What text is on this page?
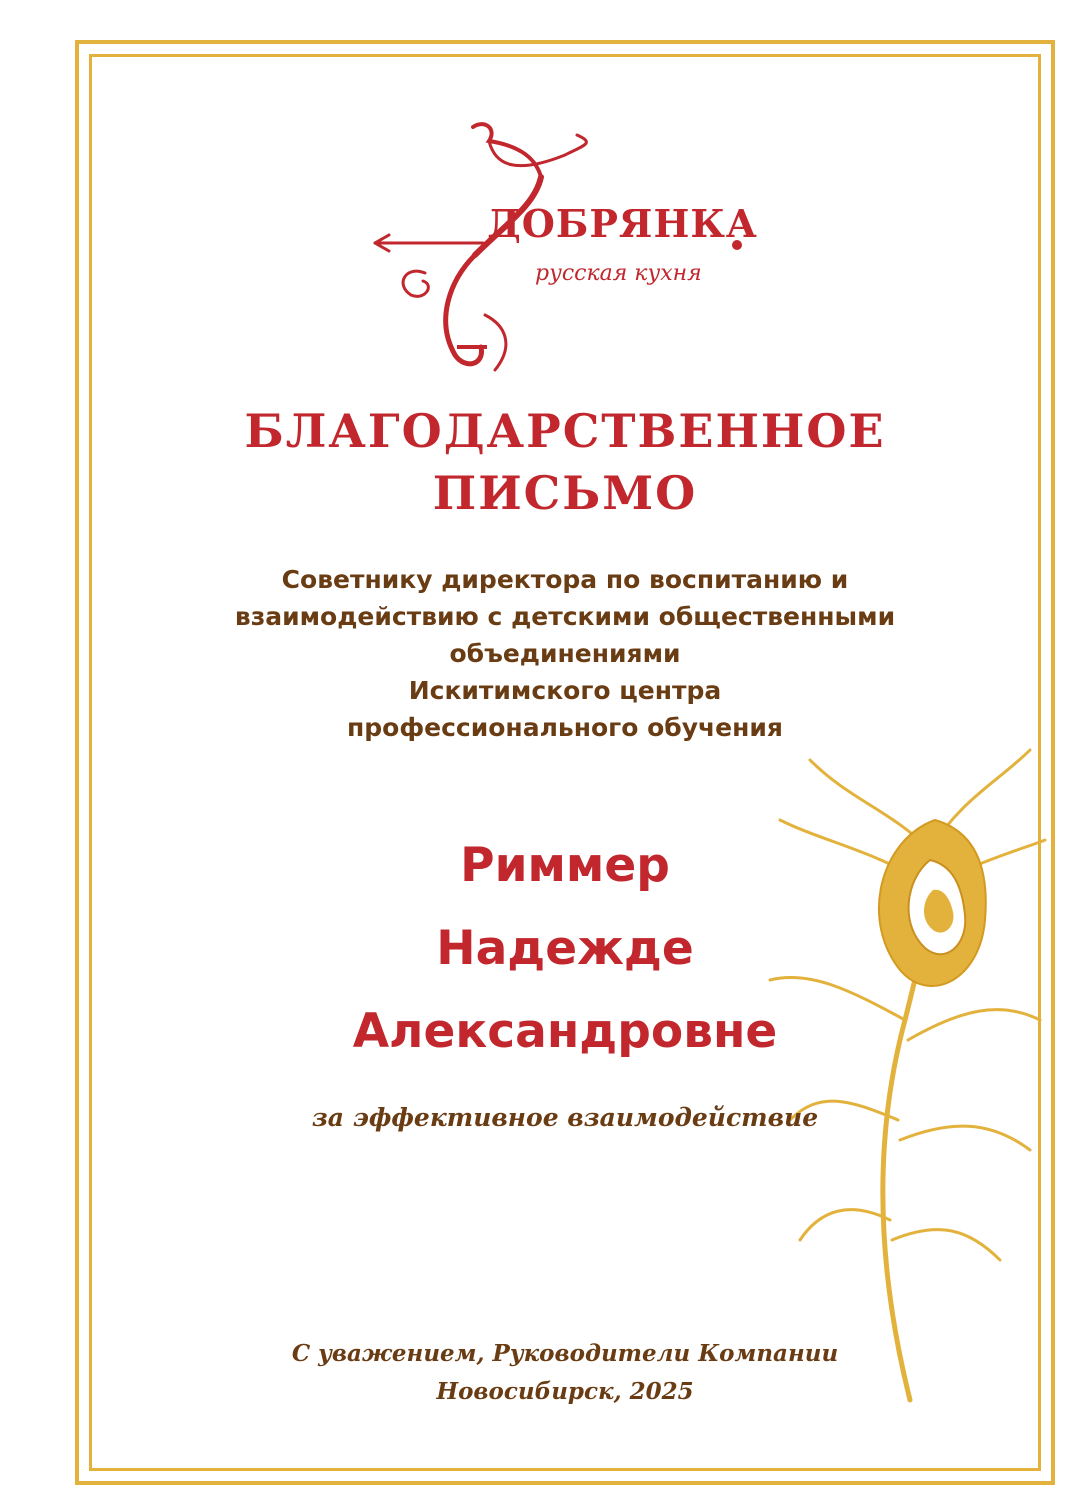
ДОБРЯНКА
русская кухня
БЛАГОДАРСТВЕННОЕ
ПИСЬМО
Советнику директора по воспитанию и
взаимодействию с детскими общественными
объединениями
Искитимского центра
профессионального обучения
Риммер
Надежде
Александровне
за эффективное взаимодействие
С уважением, Руководители Компании
Новосибирск, 2025
